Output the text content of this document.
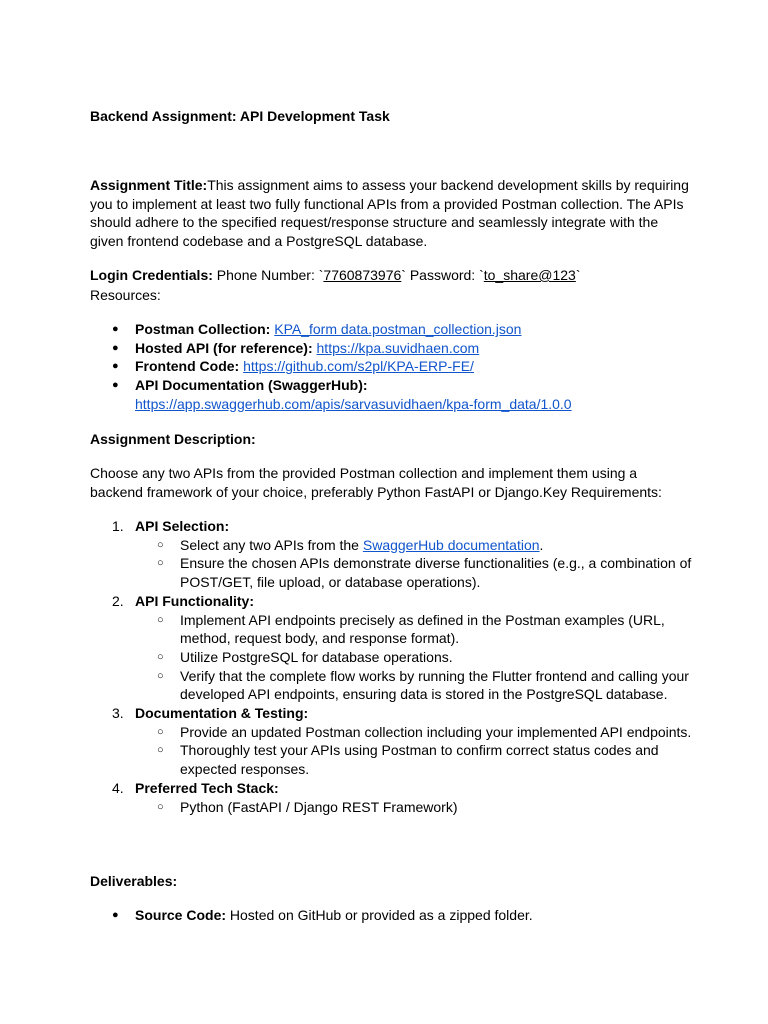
Backend Assignment: API Development Task
Assignment Title:This assignment aims to assess your backend development skills by requiring you to implement at least two fully functional APIs from a provided Postman collection. The APIs should adhere to the specified request/response structure and seamlessly integrate with the given frontend codebase and a PostgreSQL database.
Login Credentials: Phone Number: `7760873976` Password: `to_share@123`
Resources:
● Postman Collection: KPA_form data.postman_collection.json
● Hosted API (for reference): https://kpa.suvidhaen.com
● Frontend Code: https://github.com/s2pl/KPA-ERP-FE/
● API Documentation (SwaggerHub):
https://app.swaggerhub.com/apis/sarvasuvidhaen/kpa-form_data/1.0.0
Assignment Description:
Choose any two APIs from the provided Postman collection and implement them using a backend framework of your choice, preferably Python FastAPI or Django.Key Requirements:
1. API Selection:
○ Select any two APIs from the SwaggerHub documentation.
○ Ensure the chosen APIs demonstrate diverse functionalities (e.g., a combination of POST/GET, file upload, or database operations).
2. API Functionality:
○ Implement API endpoints precisely as defined in the Postman examples (URL, method, request body, and response format).
○ Utilize PostgreSQL for database operations.
○ Verify that the complete flow works by running the Flutter frontend and calling your developed API endpoints, ensuring data is stored in the PostgreSQL database.
3. Documentation & Testing:
○ Provide an updated Postman collection including your implemented API endpoints.
○ Thoroughly test your APIs using Postman to confirm correct status codes and expected responses.
4. Preferred Tech Stack:
○ Python (FastAPI / Django REST Framework)
Deliverables:
● Source Code: Hosted on GitHub or provided as a zipped folder.
